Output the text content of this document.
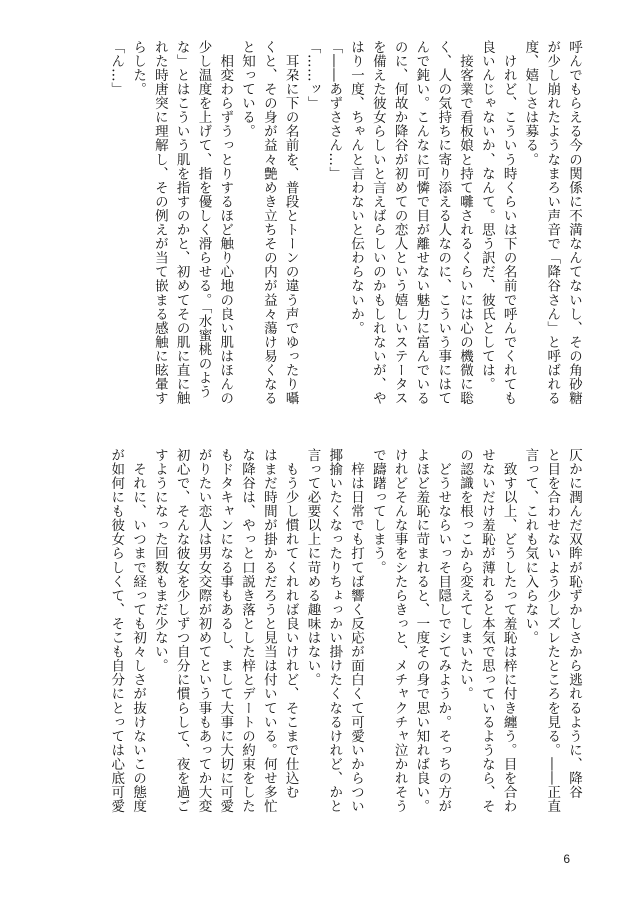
呼んでもらえる今の関係に不満なんてないし、その角砂糖
が少し崩れたようなまろい声音で「降谷さん」と呼ばれる
度、嬉しさは募る。
　けれど、こういう時くらいは下の名前で呼んでくれても
良いんじゃないか、なんて。思う訳だ、彼氏としては。
　接客業で看板娘と持て囃されるくらいには心の機微に聡
く、人の気持ちに寄り添える人なのに、こういう事にはて
んで鈍い。こんなに可憐で目が離せない魅力に富んでいる
のに、何故か降谷が初めての恋人という嬉しいステータス
を備えた彼女らしいと言えばらしいのかもしれないが、や
はり一度、ちゃんと言わないと伝わらないか。
「――あずささん…」
「……ッ」
　耳朶に下の名前を、普段とトーンの違う声でゆったり囁
くと、その身が益々艶めき立ちその内が益々蕩け易くなる
と知っている。
　相変わらずうっとりするほど触り心地の良い肌はほんの
少し温度を上げて、指を優しく滑らせる。「水蜜桃のよう
な」とはこういう肌を指すのかと、初めてその肌に直に触
れた時唐突に理解し、その例えが当て嵌まる感触に眩暈す
らした。
「ん…」
仄かに潤んだ双眸が恥ずかしさから逃れるように、降谷
と目を合わせないよう少しズレたところを見る。――正直
言って、これも気に入らない。
　致す以上、どうしたって羞恥は梓に付き纏う。目を合わ
せないだけ羞恥が薄れると本気で思っているようなら、そ
の認識を根っこから変えてしまいたい。
　どうせならいっそ目隠しでシてみようか。そっちの方が
よほど羞恥に苛まれると、一度その身で思い知れば良い。
けれどそんな事をシたらきっと、メチャクチャ泣かれそう
で躊躇ってしまう。
　梓は日常でも打てば響く反応が面白くて可愛いからつい
揶揄いたくなったりちょっかい掛けたくなるけれど、かと
言って必要以上に苛める趣味はない。
　もう少し慣れてくれれば良いけれど、そこまで仕込む
はまだ時間が掛かるだろうと見当は付いている。何せ多忙
な降谷は、やっと口説き落とした梓とデートの約束をした
もドタキャンになる事もあるし、まして大事に大切に可愛
がりたい恋人は男女交際が初めてという事もあってか大変
初心で、そんな彼女を少しずつ自分に慣らして、夜を過ご
すようになった回数もまだ少ない。
　それに、いつまで経っても初々しさが抜けないこの態度
が如何にも彼女らしくて、そこも自分にとっては心底可愛
6
